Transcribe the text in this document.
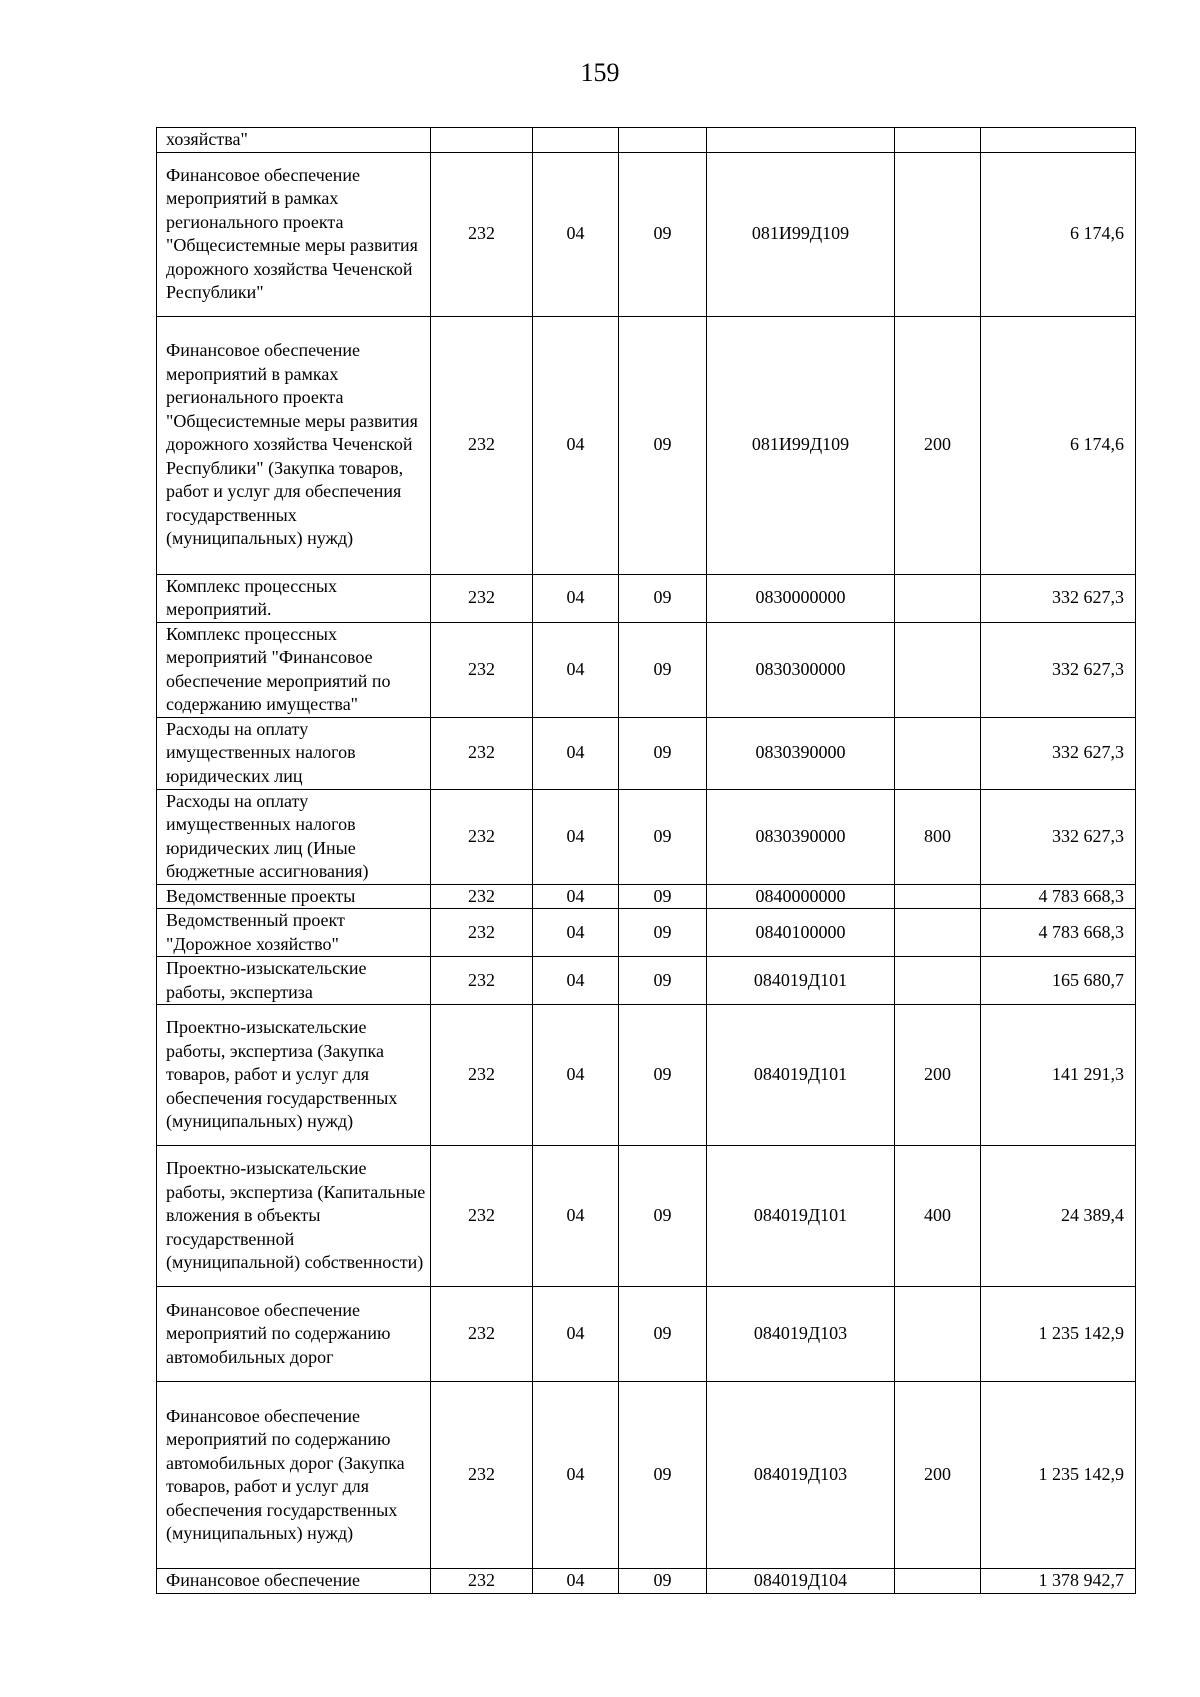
159
хозяйства"						
Финансовое обеспечение мероприятий в рамках регионального проекта "Общесистемные меры развития дорожного хозяйства Чеченской Республики"	232	04	09	081И99Д109		6 174,6
Финансовое обеспечение мероприятий в рамках регионального проекта "Общесистемные меры развития дорожного хозяйства Чеченской Республики" (Закупка товаров, работ и услуг для обеспечения государственных (муниципальных) нужд)	232	04	09	081И99Д109	200	6 174,6
Комплекс процессных мероприятий.	232	04	09	0830000000		332 627,3
Комплекс процессных мероприятий "Финансовое обеспечение мероприятий по содержанию имущества"	232	04	09	0830300000		332 627,3
Расходы на оплату имущественных налогов юридических лиц	232	04	09	0830390000		332 627,3
Расходы на оплату имущественных налогов юридических лиц (Иные бюджетные ассигнования)	232	04	09	0830390000	800	332 627,3
Ведомственные проекты	232	04	09	0840000000		4 783 668,3
Ведомственный проект "Дорожное хозяйство"	232	04	09	0840100000		4 783 668,3
Проектно-изыскательские работы, экспертиза	232	04	09	084019Д101		165 680,7
Проектно-изыскательские работы, экспертиза (Закупка товаров, работ и услуг для обеспечения государственных (муниципальных) нужд)	232	04	09	084019Д101	200	141 291,3
Проектно-изыскательские работы, экспертиза (Капитальные вложения в объекты государственной (муниципальной) собственности)	232	04	09	084019Д101	400	24 389,4
Финансовое обеспечение мероприятий по содержанию автомобильных дорог	232	04	09	084019Д103		1 235 142,9
Финансовое обеспечение мероприятий по содержанию автомобильных дорог (Закупка товаров, работ и услуг для обеспечения государственных (муниципальных) нужд)	232	04	09	084019Д103	200	1 235 142,9
Финансовое обеспечение	232	04	09	084019Д104		1 378 942,7
